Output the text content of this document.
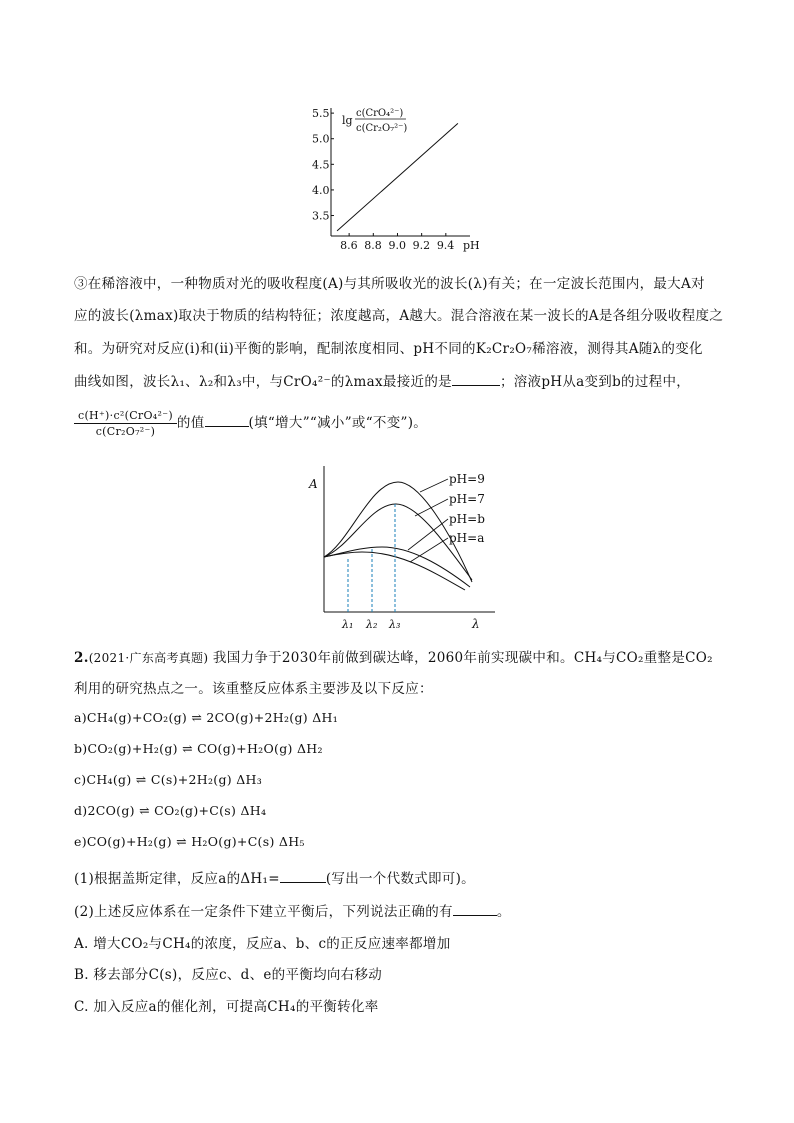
3.5
4.0
4.5
5.0
5.5
8.6 8.8 9.0 9.2 9.4
lg
c(CrO₄²⁻)
c(Cr₂O₇²⁻)
pH
③在稀溶液中，一种物质对光的吸收程度(A)与其所吸收光的波长(λ)有关；在一定波长范围内，最大A对
应的波长(λmax)取决于物质的结构特征；浓度越高，A越大。混合溶液在某一波长的A是各组分吸收程度之
和。为研究对反应(ⅰ)和(ⅱ)平衡的影响，配制浓度相同、pH不同的K₂Cr₂O₇稀溶液，测得其A随λ的变化
曲线如图，波长λ₁、λ₂和λ₃中，与CrO₄²⁻的λmax最接近的是	；溶液pH从a变到b的过程中，
$\frac{\text{c(H⁺)·c²(CrO₄²⁻)}}{\text{c(Cr₂O₇²⁻)}}$ 的值	(填“增大”“减小”或“不变”)。
A
λ
λ₁ λ₂ λ₃
pH=9
pH=7
pH=b
pH=a
2.(2021·广东高考真题) 我国力争于2030年前做到碳达峰，2060年前实现碳中和。CH₄与CO₂重整是CO₂
利用的研究热点之一。该重整反应体系主要涉及以下反应：
a)CH₄(g)+CO₂(g) ⇌ 2CO(g)+2H₂(g) ΔH₁
b)CO₂(g)+H₂(g) ⇌ CO(g)+H₂O(g) ΔH₂
c)CH₄(g) ⇌ C(s)+2H₂(g) ΔH₃
d)2CO(g) ⇌ CO₂(g)+C(s) ΔH₄
e)CO(g)+H₂(g) ⇌ H₂O(g)+C(s) ΔH₅
(1)根据盖斯定律，反应a的ΔH₁=	(写出一个代数式即可)。
(2)上述反应体系在一定条件下建立平衡后，下列说法正确的有	。
A. 增大CO₂与CH₄的浓度，反应a、b、c的正反应速率都增加
B. 移去部分C(s)，反应c、d、e的平衡均向右移动
C. 加入反应a的催化剂，可提高CH₄的平衡转化率
